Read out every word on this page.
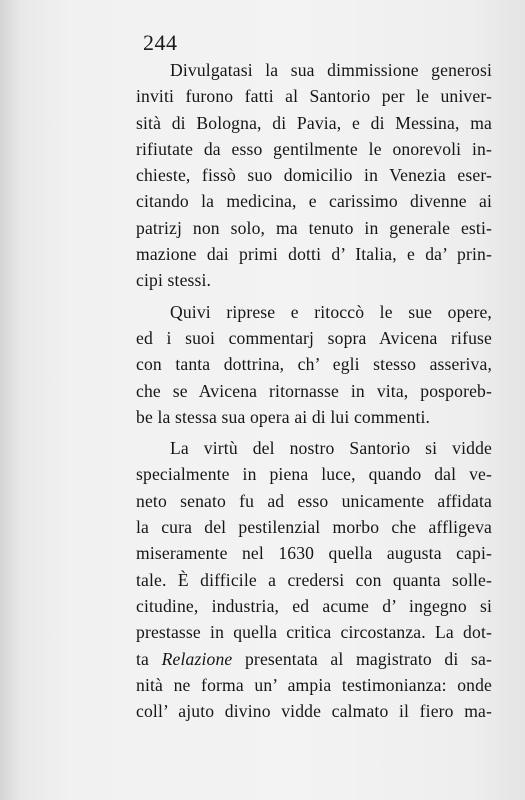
244
Divulgatasi la sua dimmissione generosi
inviti furono fatti al Santorio per le univer-
sità di Bologna, di Pavia, e di Messina, ma
rifiutate da esso gentilmente le onorevoli in-
chieste, fissò suo domicilio in Venezia eser-
citando la medicina, e carissimo divenne ai
patrizj non solo, ma tenuto in generale esti-
mazione dai primi dotti d’ Italia, e da’ prin-
cipi stessi.
Quivi riprese e ritoccò le sue opere,
ed i suoi commentarj sopra Avicena rifuse
con tanta dottrina, ch’ egli stesso asseriva,
che se Avicena ritornasse in vita, posporeb-
be la stessa sua opera ai di lui commenti.
La virtù del nostro Santorio si vidde
specialmente in piena luce, quando dal ve-
neto senato fu ad esso unicamente affidata
la cura del pestilenzial morbo che affligeva
miseramente nel 1630 quella augusta capi-
tale. È difficile a credersi con quanta solle-
citudine, industria, ed acume d’ ingegno si
prestasse in quella critica circostanza. La dot-
ta Relazione presentata al magistrato di sa-
nità ne forma un’ ampia testimonianza: onde
coll’ ajuto divino vidde calmato il fiero ma-
